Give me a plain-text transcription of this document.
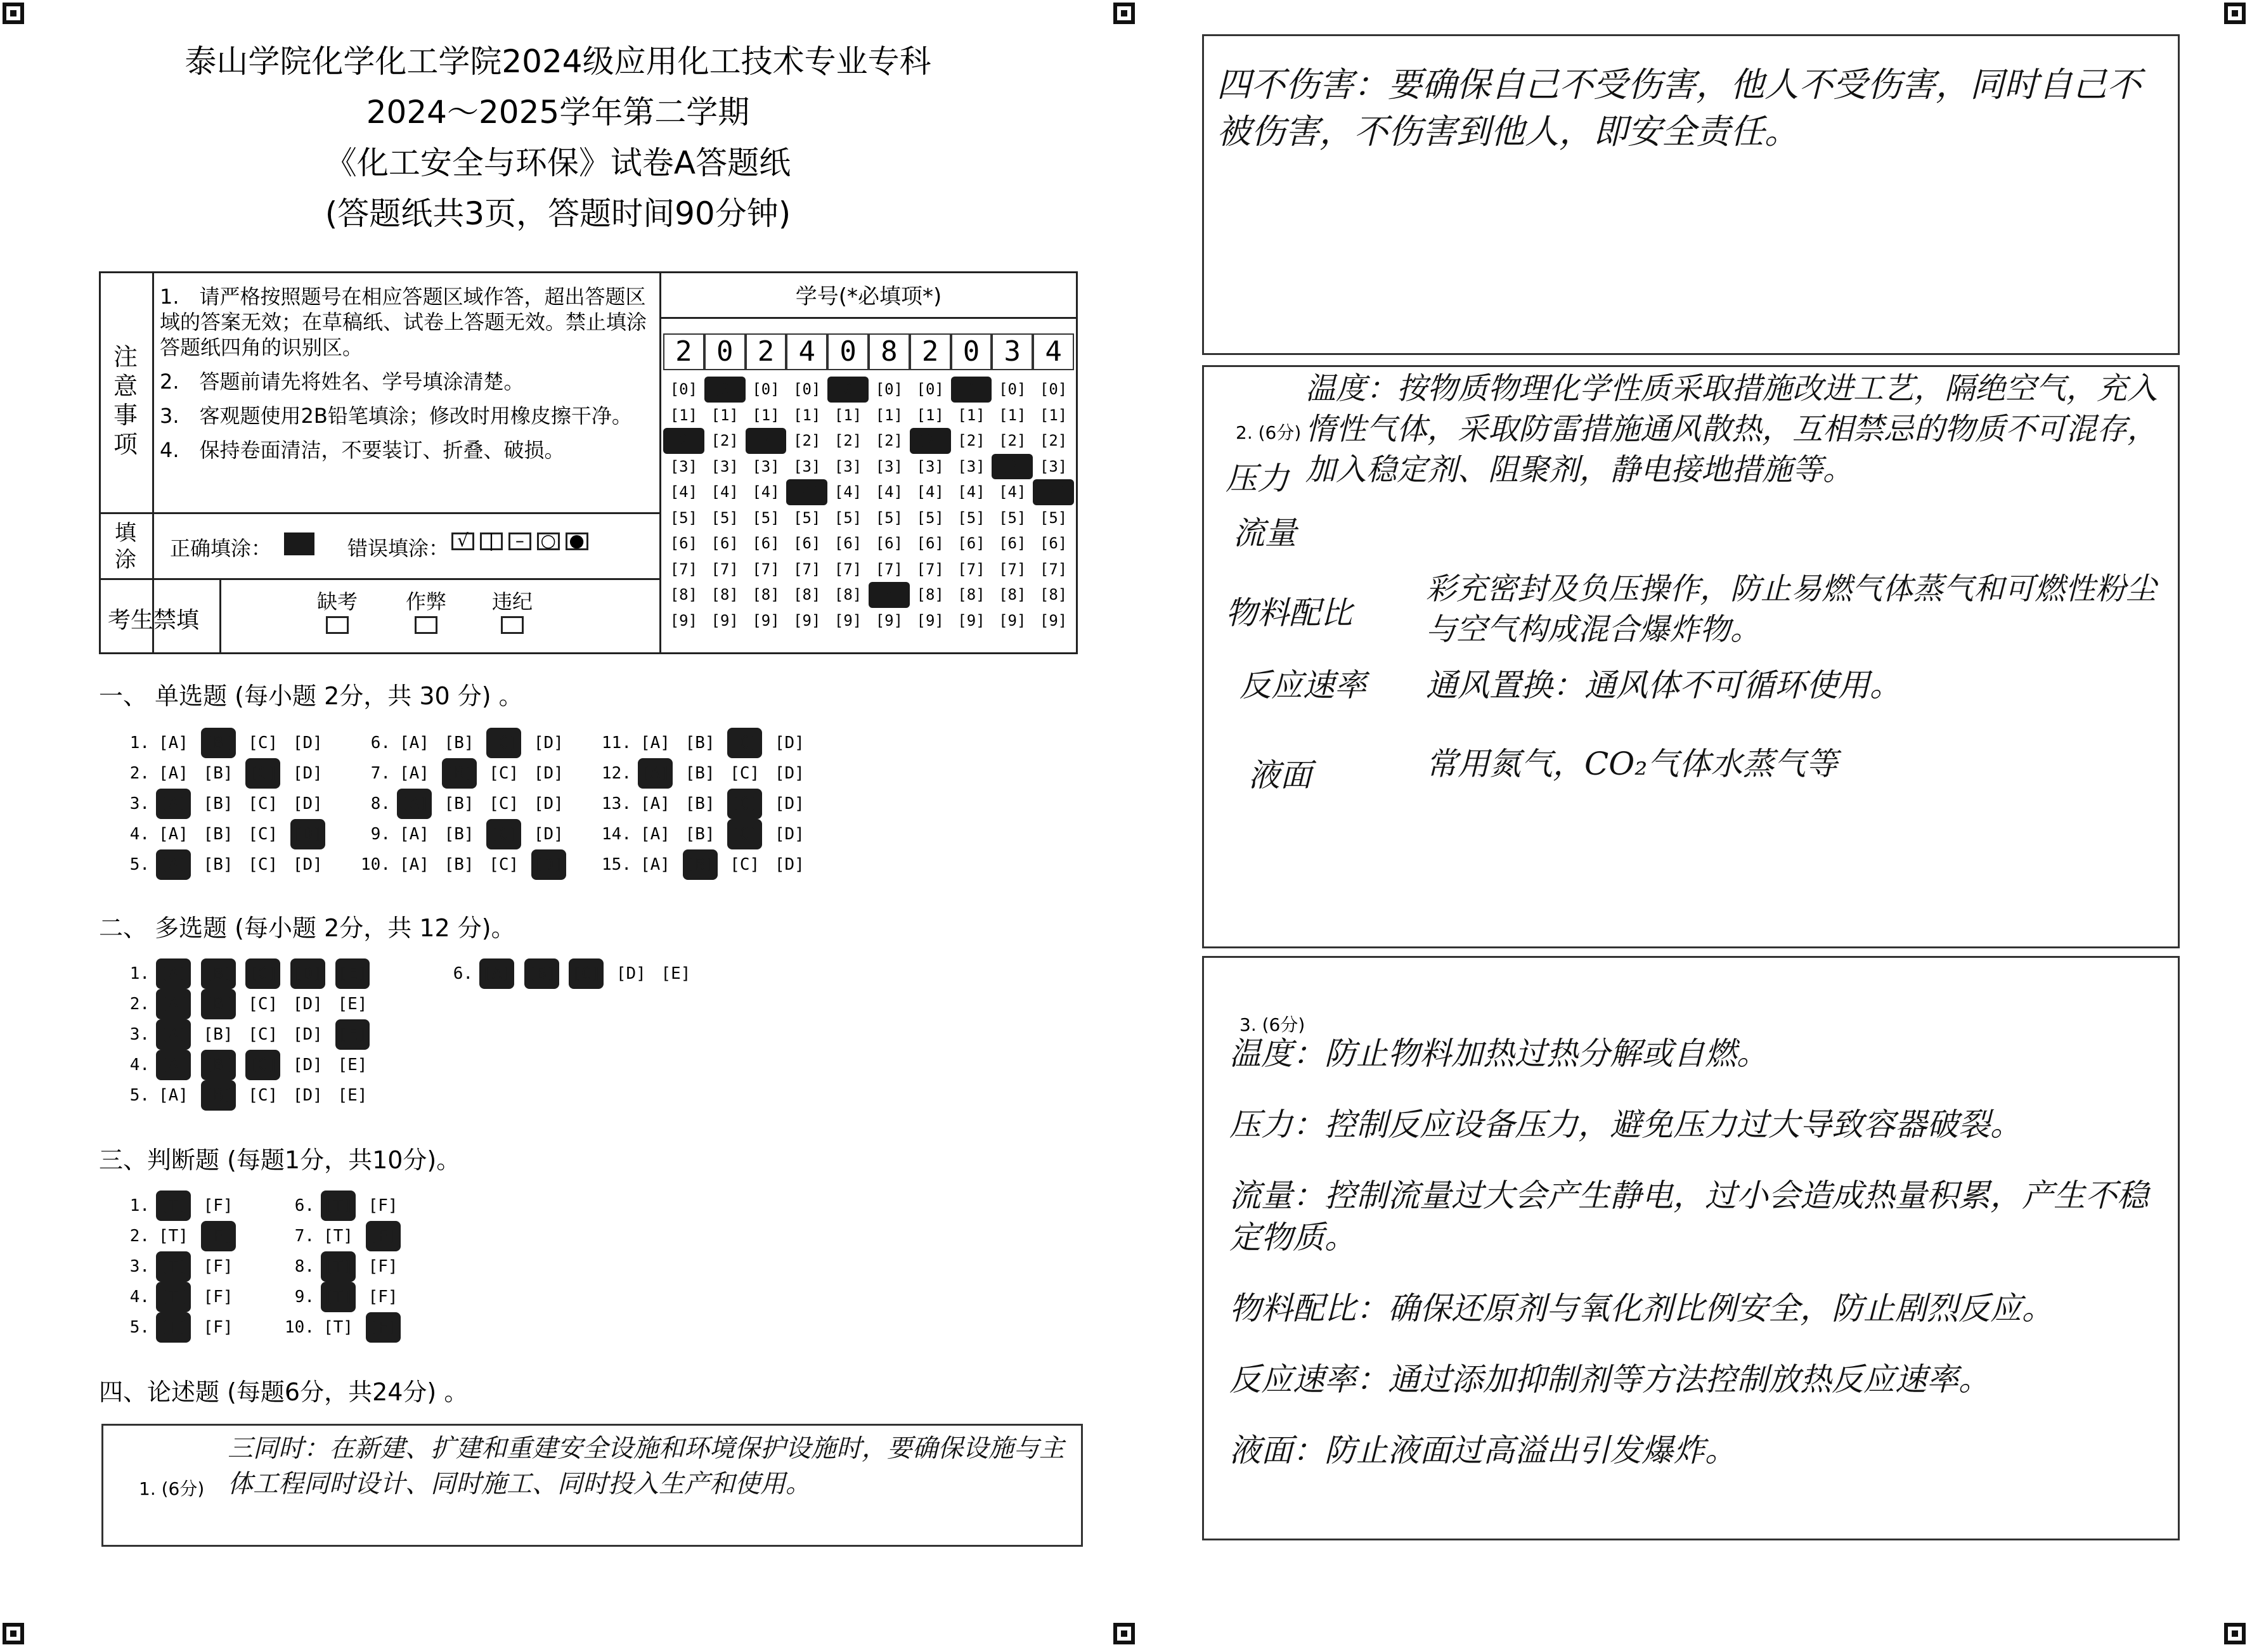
泰山学院化学化工学院2024级应用化工技术专业专科
2024～2025学年第二学期
《化工安全与环保》试卷A答题纸
(答题纸共3页，答题时间90分钟)
注意事项

1.　请严格按照题号在相应答题区域作答，超出答题区域的答案无效；在草稿纸、试卷上答题无效。禁止填涂答题纸四角的识别区。

2.　答题前请先将姓名、学号填涂清楚。

3.　客观题使用2B铅笔填涂；修改时用橡皮擦干净。

4.　保持卷面清洁，不要装订、折叠、破损。

填涂	正确填涂：	错误填涂： √ | – ○ ●
考生禁填
缺考 作弊 违纪
学号(*必填项*)
2 0 2 4 0 8 2 0 3 4
[0]
[1]
[2]
[3]
[4]
[5]
[6]
[7]
[8]
[9]
[0]
[1]
[2]
[3]
[4]
[5]
[6]
[7]
[8]
[9]
[0]
[1]
[2]
[3]
[4]
[5]
[6]
[7]
[8]
[9]
[0]
[1]
[2]
[3]
[4]
[5]
[6]
[7]
[8]
[9]
[0]
[1]
[2]
[3]
[4]
[5]
[6]
[7]
[8]
[9]
[0]
[1]
[2]
[3]
[4]
[5]
[6]
[7]
[8]
[9]
[0]
[1]
[2]
[3]
[4]
[5]
[6]
[7]
[8]
[9]
[0]
[1]
[2]
[3]
[4]
[5]
[6]
[7]
[8]
[9]
[0]
[1]
[2]
[3]
[4]
[5]
[6]
[7]
[8]
[9]
[0]
[1]
[2]
[3]
[4]
[5]
[6]
[7]
[8]
[9]
一、 单选题 (每小题 2分，共 30 分) 。
二、 多选题 (每小题 2分，共 12 分)。
三、判断题 (每题1分，共10分)。
四、论述题 (每题6分，共24分) 。
1. [A] [B] [C] [D]
2. [A] [B] [C] [D]
3. [A] [B] [C] [D]
4. [A] [B] [C] [D]
5. [A] [B] [C] [D]
6. [A] [B] [C] [D]
7. [A] [B] [C] [D]
8. [A] [B] [C] [D]
9. [A] [B] [C] [D]
10. [A] [B] [C] [D]
11. [A] [B] [C] [D]
12. [A] [B] [C] [D]
13. [A] [B] [C] [D]
14. [A] [B] [C] [D]
15. [A] [B] [C] [D]
1. [A] [B] [C] [D] [E]
2. [A] [B] [C] [D] [E]
3. [A] [B] [C] [D] [E]
4. [A] [B] [C] [D] [E]
5. [A] [B] [C] [D] [E]
6. [A] [B] [C] [D] [E]
1. [T] [F]
2. [T] [F]
3. [T] [F]
4. [T] [F]
5. [T] [F]
6. [T] [F]
7. [T] [F]
8. [T] [F]
9. [T] [F]
10. [T] [F]
1. (6分)
三同时：在新建、扩建和重建安全设施和环境保护设施时，要确保设施与主体工程同时设计、同时施工、同时投入生产和使用。
四不伤害：要确保自己不受伤害，他人不受伤害，同时自己不被伤害，不伤害到他人，即安全责任。
2. (6分)
压力
流量
物料配比
反应速率
液面
温度：按物质物理化学性质采取措施改进工艺，隔绝空气，充入惰性气体，采取防雷措施通风散热，互相禁忌的物质不可混存，加入稳定剂、阻聚剂，静电接地措施等。
彩充密封及负压操作，防止易燃气体蒸气和可燃性粉尘与空气构成混合爆炸物。
通风置换：通风体不可循环使用。
常用氮气，CO₂气体水蒸气等
3. (6分)
温度：防止物料加热过热分解或自燃。
压力：控制反应设备压力，避免压力过大导致容器破裂。
流量：控制流量过大会产生静电，过小会造成热量积累，产生不稳定物质。
物料配比：确保还原剂与氧化剂比例安全，防止剧烈反应。
反应速率：通过添加抑制剂等方法控制放热反应速率。
液面：防止液面过高溢出引发爆炸。
